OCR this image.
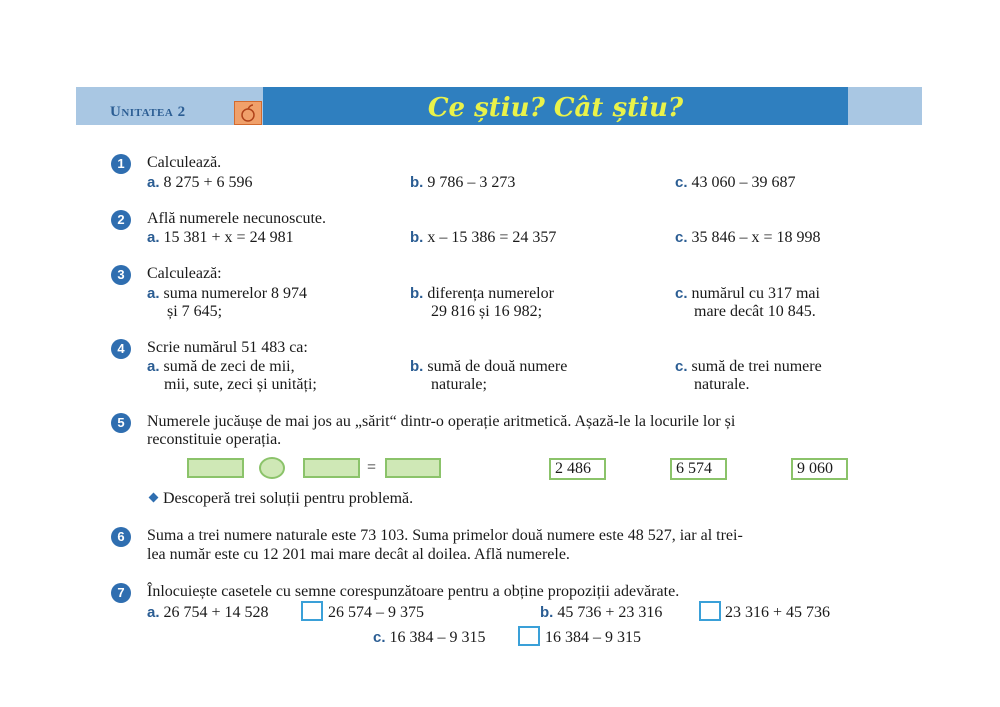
Unitatea 2	Ce știu? Cât știu?
1	Calculează.
a. 8 275 + 6 596	b. 9 786 – 3 273	c. 43 060 – 39 687
2	Află numerele necunoscute.
a. 15 381 + x = 24 981	b. x – 15 386 = 24 357	c. 35 846 – x = 18 998
3	Calculează:
a. suma numerelor 8 974
și 7 645;
b. diferența numerelor
29 816 și 16 982;
c. numărul cu 317 mai
mare decât 10 845.
4	Scrie numărul 51 483 ca:
a. sumă de zeci de mii,
mii, sute, zeci și unități;
b. sumă de două numere
naturale;
c. sumă de trei numere
naturale.
5	Numerele jucăușe de mai jos au „sărit“ dintr-o operație aritmetică. Așază-le la locurile lor și
reconstituie operația.
=	2 486	6 574	9 060
Descoperă trei soluții pentru problemă.
6	Suma a trei numere naturale este 73 103. Suma primelor două numere este 48 527, iar al trei-
lea număr este cu 12 201 mai mare decât al doilea. Află numerele.
7	Înlocuiește casetele cu semne corespunzătoare pentru a obține propoziții adevărate.
a. 26 754 + 14 528	26 574 – 9 375	b. 45 736 + 23 316	23 316 + 45 736
c. 16 384 – 9 315	16 384 – 9 315
